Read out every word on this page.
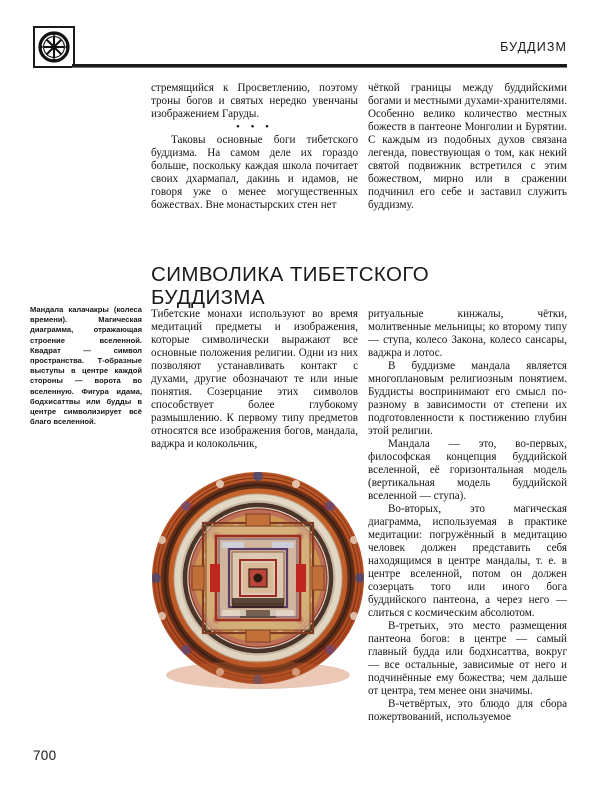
БУДДИЗМ

стремящийся к Просветлению, поэтому троны богов и святых нередко увенчаны изображением Гаруды.

• • •

Таковы основные боги тибетского буддизма. На самом деле их гораздо больше, поскольку каждая школа почитает своих дхармапал, дакинь и идамов, не говоря уже о менее могущественных божествах. Вне монастырских стен нет

чёткой границы между буддийскими богами и местными духами-хранителями. Особенно велико количество местных божеств в пантеоне Монголии и Бурятии. С каждым из подобных духов связана легенда, повествующая о том, как некий святой подвижник встретился с этим божеством, мирно или в сражении подчинил его себе и заставил служить буддизму.

СИМВОЛИКА ТИБЕТСКОГО
БУДДИЗМА
Мандала калачакры (колеса времени). Магическая диаграмма, отражающая строение вселенной. Квадрат — символ пространства. Т-образные выступы в центре каждой стороны — ворота во вселенную. Фигура идама, бодхисаттвы или будды в центре символизирует всё благо вселенной.

Тибетские монахи используют во время медитаций предметы и изображения, которые символически выражают все основные положения религии. Одни из них позволяют устанавливать контакт с духами, другие обозначают те или иные понятия. Созерцание этих символов способствует более глубокому размышлению. К первому типу предметов относятся все изображения богов, мандала, ваджра и колокольчик,

ритуальные кинжалы, чётки, молитвенные мельницы; ко второму типу — ступа, колесо Закона, колесо сансары, ваджра и лотос.

В буддизме мандала является многоплановым религиозным понятием. Буддисты воспринимают его смысл по-разному в зависимости от степени их подготовленности к постижению глубин этой религии.

Мандала — это, во-первых, философская концепция буддийской вселенной, её горизонтальная модель (вертикальная модель буддийской вселенной — ступа).

Во-вторых, это магическая диаграмма, используемая в практике медитации: погружённый в медитацию человек должен представить себя находящимся в центре мандалы, т. е. в центре вселенной, потом он должен созерцать того или иного бога буддийского пантеона, а через него — слиться с космическим абсолютом.

В-третьих, это место размещения пантеона богов: в центре — самый главный будда или бодхисаттва, вокруг — все остальные, зависимые от него и подчинённые ему божества; чем дальше от центра, тем менее они значимы.

В-четвёртых, это блюдо для сбора пожертвований, используемое

700
